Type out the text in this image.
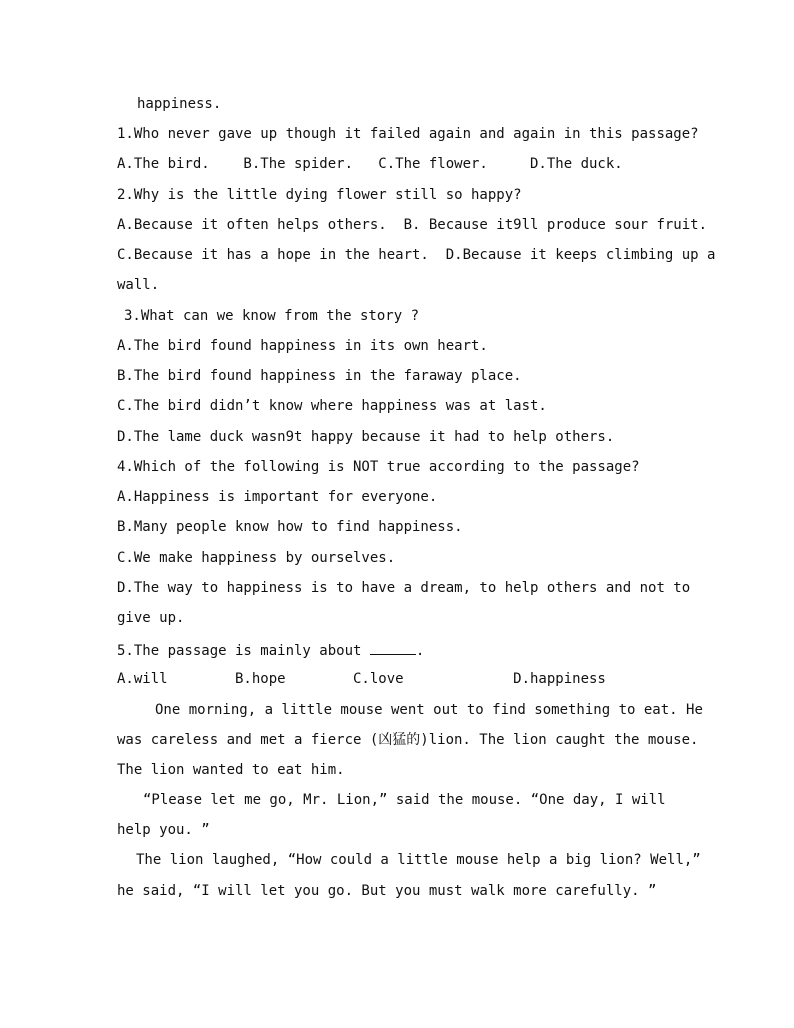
happiness.
1.Who never gave up though it failed again and again in this passage?
A.The bird.    B.The spider.   C.The flower.     D.The duck.
2.Why is the little dying flower still so happy?
A.Because it often helps others.  B. Because it9ll produce sour fruit.
C.Because it has a hope in the heart.  D.Because it keeps climbing up a
wall.
3.What can we know from the story ?
A.The bird found happiness in its own heart.
B.The bird found happiness in the faraway place.
C.The bird didn’t know where happiness was at last.
D.The lame duck wasn9t happy because it had to help others.
4.Which of the following is NOT true according to the passage?
A.Happiness is important for everyone.
B.Many people know how to find happiness.
C.We make happiness by ourselves.
D.The way to happiness is to have a dream, to help others and not to
give up.
5.The passage is mainly about	.
A.will        B.hope        C.love             D.happiness
One morning, a little mouse went out to find something to eat. He
was careless and met a fierce (凶猛的)lion. The lion caught the mouse.
The lion wanted to eat him.
“Please let me go, Mr. Lion,” said the mouse. “One day, I will
help you. ”
The lion laughed, “How could a little mouse help a big lion? Well,”
he said, “I will let you go. But you must walk more carefully. ”
